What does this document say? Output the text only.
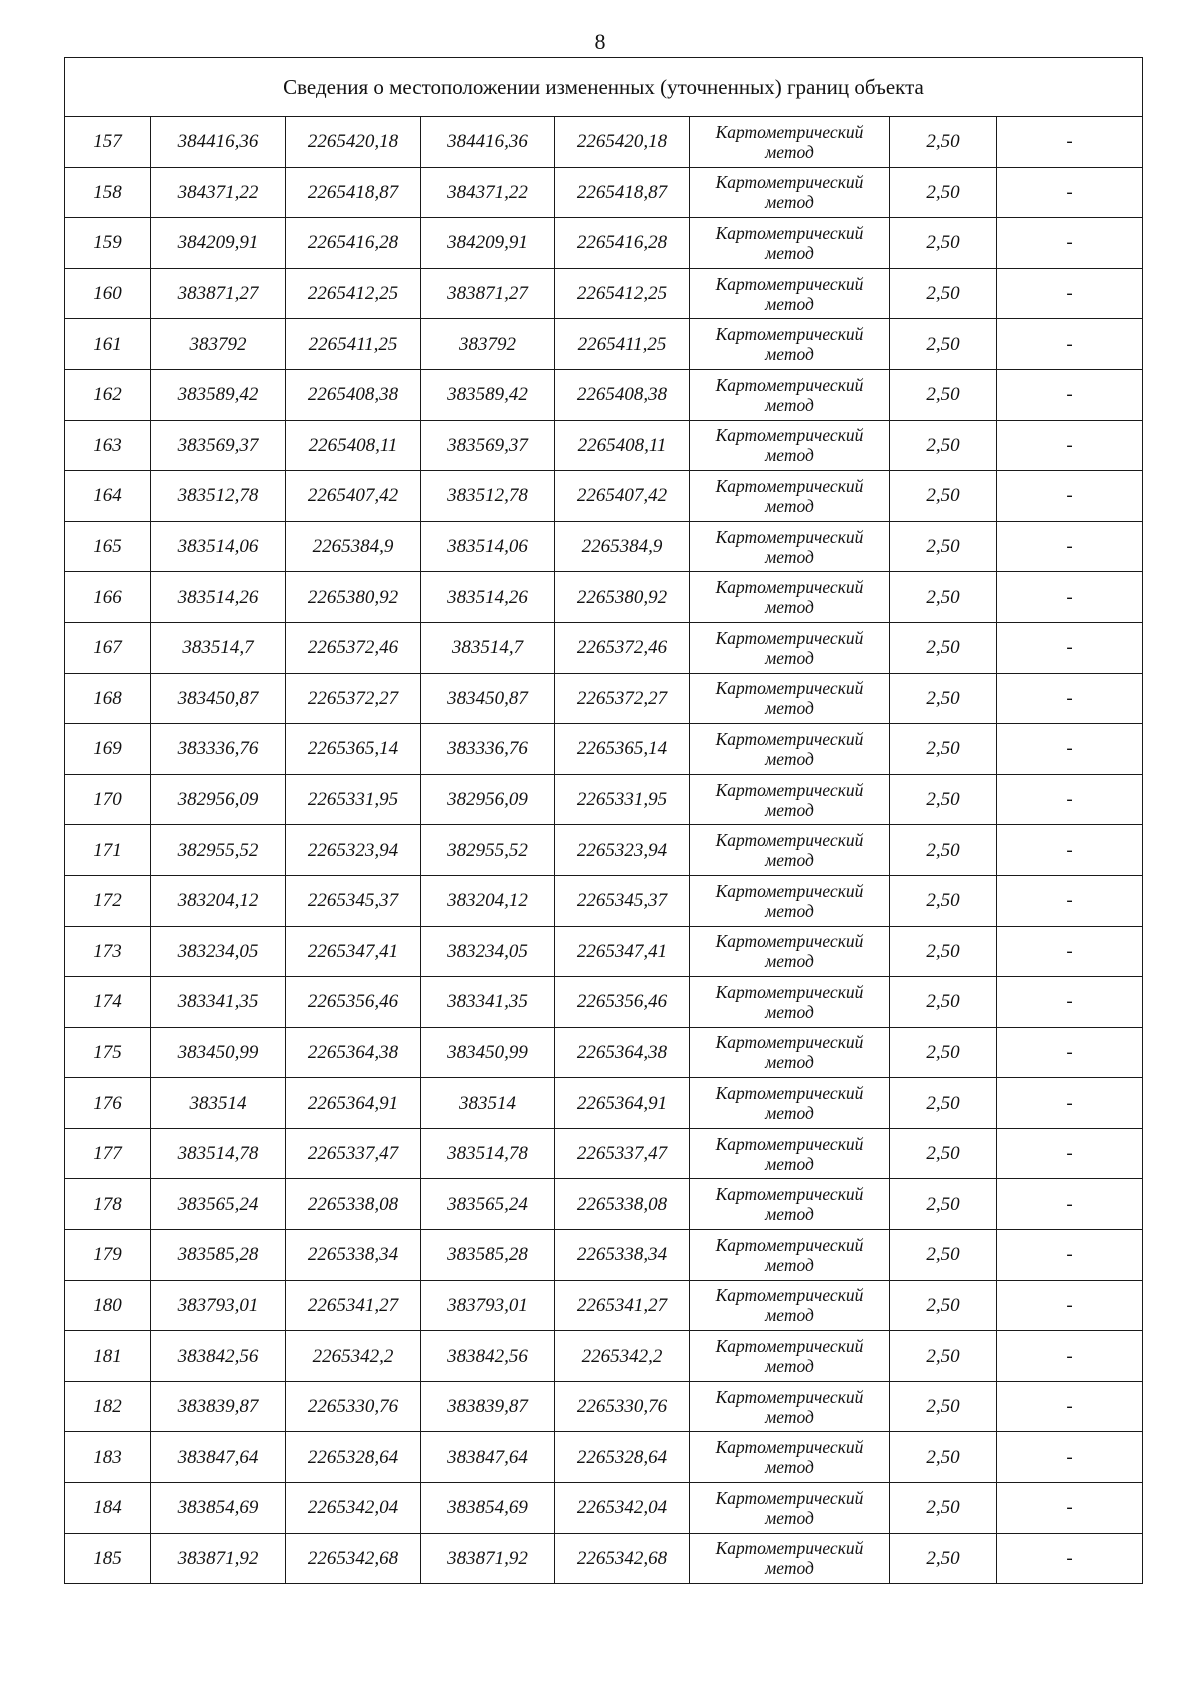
8
Сведения о местоположении измененных (уточненных) границ объекта							
157	384416,36	2265420,18	384416,36	2265420,18	Картометрический метод	2,50	-
158	384371,22	2265418,87	384371,22	2265418,87	Картометрический метод	2,50	-
159	384209,91	2265416,28	384209,91	2265416,28	Картометрический метод	2,50	-
160	383871,27	2265412,25	383871,27	2265412,25	Картометрический метод	2,50	-
161	383792	2265411,25	383792	2265411,25	Картометрический метод	2,50	-
162	383589,42	2265408,38	383589,42	2265408,38	Картометрический метод	2,50	-
163	383569,37	2265408,11	383569,37	2265408,11	Картометрический метод	2,50	-
164	383512,78	2265407,42	383512,78	2265407,42	Картометрический метод	2,50	-
165	383514,06	2265384,9	383514,06	2265384,9	Картометрический метод	2,50	-
166	383514,26	2265380,92	383514,26	2265380,92	Картометрический метод	2,50	-
167	383514,7	2265372,46	383514,7	2265372,46	Картометрический метод	2,50	-
168	383450,87	2265372,27	383450,87	2265372,27	Картометрический метод	2,50	-
169	383336,76	2265365,14	383336,76	2265365,14	Картометрический метод	2,50	-
170	382956,09	2265331,95	382956,09	2265331,95	Картометрический метод	2,50	-
171	382955,52	2265323,94	382955,52	2265323,94	Картометрический метод	2,50	-
172	383204,12	2265345,37	383204,12	2265345,37	Картометрический метод	2,50	-
173	383234,05	2265347,41	383234,05	2265347,41	Картометрический метод	2,50	-
174	383341,35	2265356,46	383341,35	2265356,46	Картометрический метод	2,50	-
175	383450,99	2265364,38	383450,99	2265364,38	Картометрический метод	2,50	-
176	383514	2265364,91	383514	2265364,91	Картометрический метод	2,50	-
177	383514,78	2265337,47	383514,78	2265337,47	Картометрический метод	2,50	-
178	383565,24	2265338,08	383565,24	2265338,08	Картометрический метод	2,50	-
179	383585,28	2265338,34	383585,28	2265338,34	Картометрический метод	2,50	-
180	383793,01	2265341,27	383793,01	2265341,27	Картометрический метод	2,50	-
181	383842,56	2265342,2	383842,56	2265342,2	Картометрический метод	2,50	-
182	383839,87	2265330,76	383839,87	2265330,76	Картометрический метод	2,50	-
183	383847,64	2265328,64	383847,64	2265328,64	Картометрический метод	2,50	-
184	383854,69	2265342,04	383854,69	2265342,04	Картометрический метод	2,50	-
185	383871,92	2265342,68	383871,92	2265342,68	Картометрический метод	2,50	-
